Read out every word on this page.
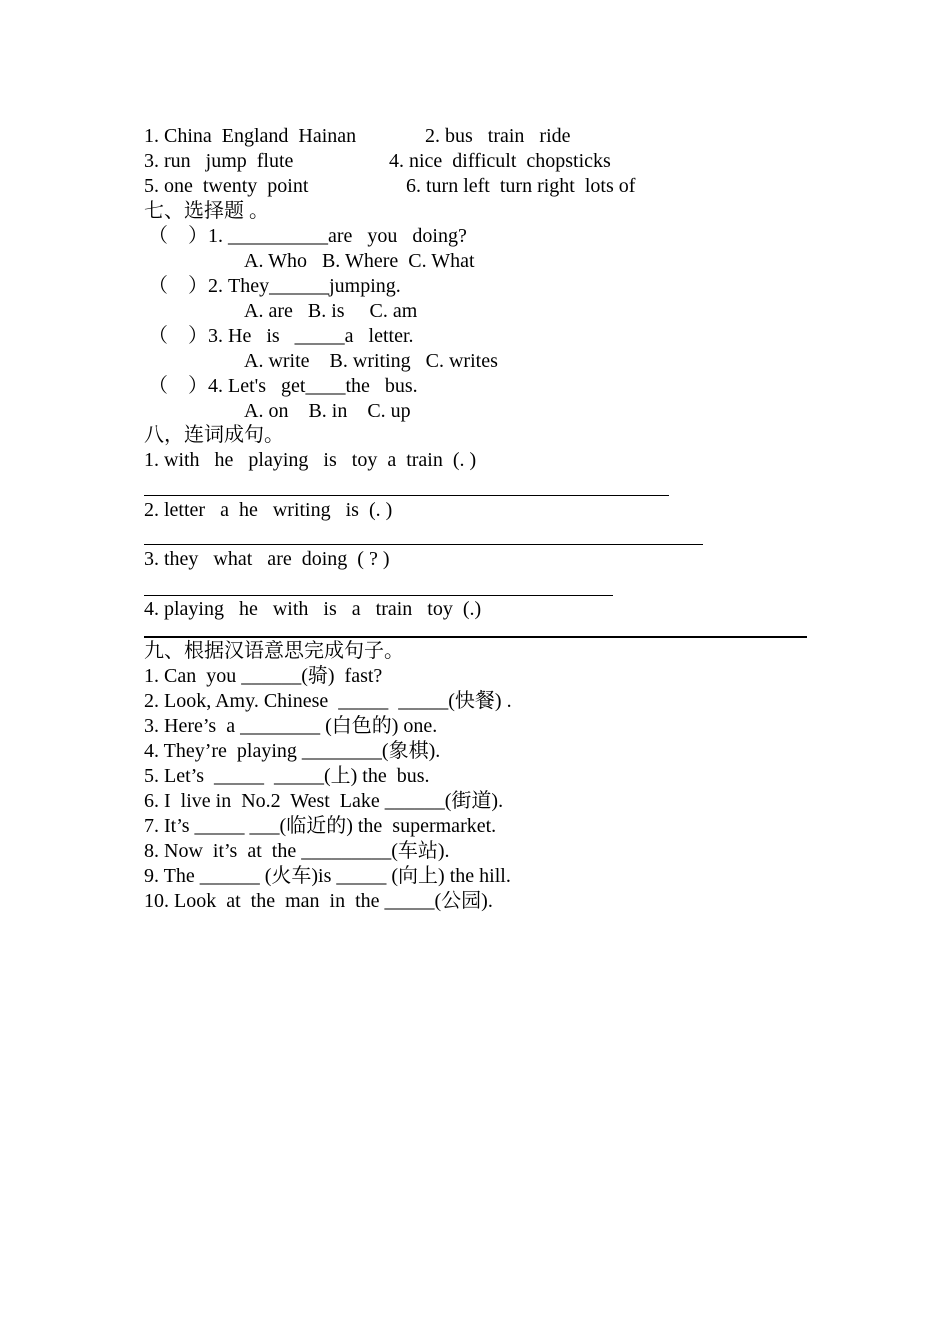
1. China  England  Hainan	2. bus   train   ride
3. run   jump  flute	4. nice  difficult  chopsticks
5. one  twenty  point	6. turn left  turn right  lots of
七、选择题 。
（    ）1. __________are   you   doing?
A. Who   B. Where  C. What
（    ）2. They______jumping.
A. are   B. is     C. am
（    ）3. He   is   _____a   letter.
A. write    B. writing   C. writes
（    ）4. Let's   get____the   bus.
A. on    B. in    C. up
八，连词成句。
1. with   he   playing   is   toy  a  train  (. )
2. letter   a  he   writing   is  (. )
3. they   what   are  doing  ( ? )
4. playing   he   with   is   a   train   toy  (.)
九、根据汉语意思完成句子。
1. Can  you ______(骑)  fast?
2. Look, Amy. Chinese  _____  _____(快餐) .
3. Here’s  a ________ (白色的) one.
4. They’re  playing ________(象棋).
5. Let’s  _____  _____(上) the  bus.
6. I  live in  No.2  West  Lake ______(街道).
7. It’s _____ ___(临近的) the  supermarket.
8. Now  it’s  at  the _________(车站).
9. The ______ (火车)is _____ (向上) the hill.
10. Look  at  the  man  in  the _____(公园).
